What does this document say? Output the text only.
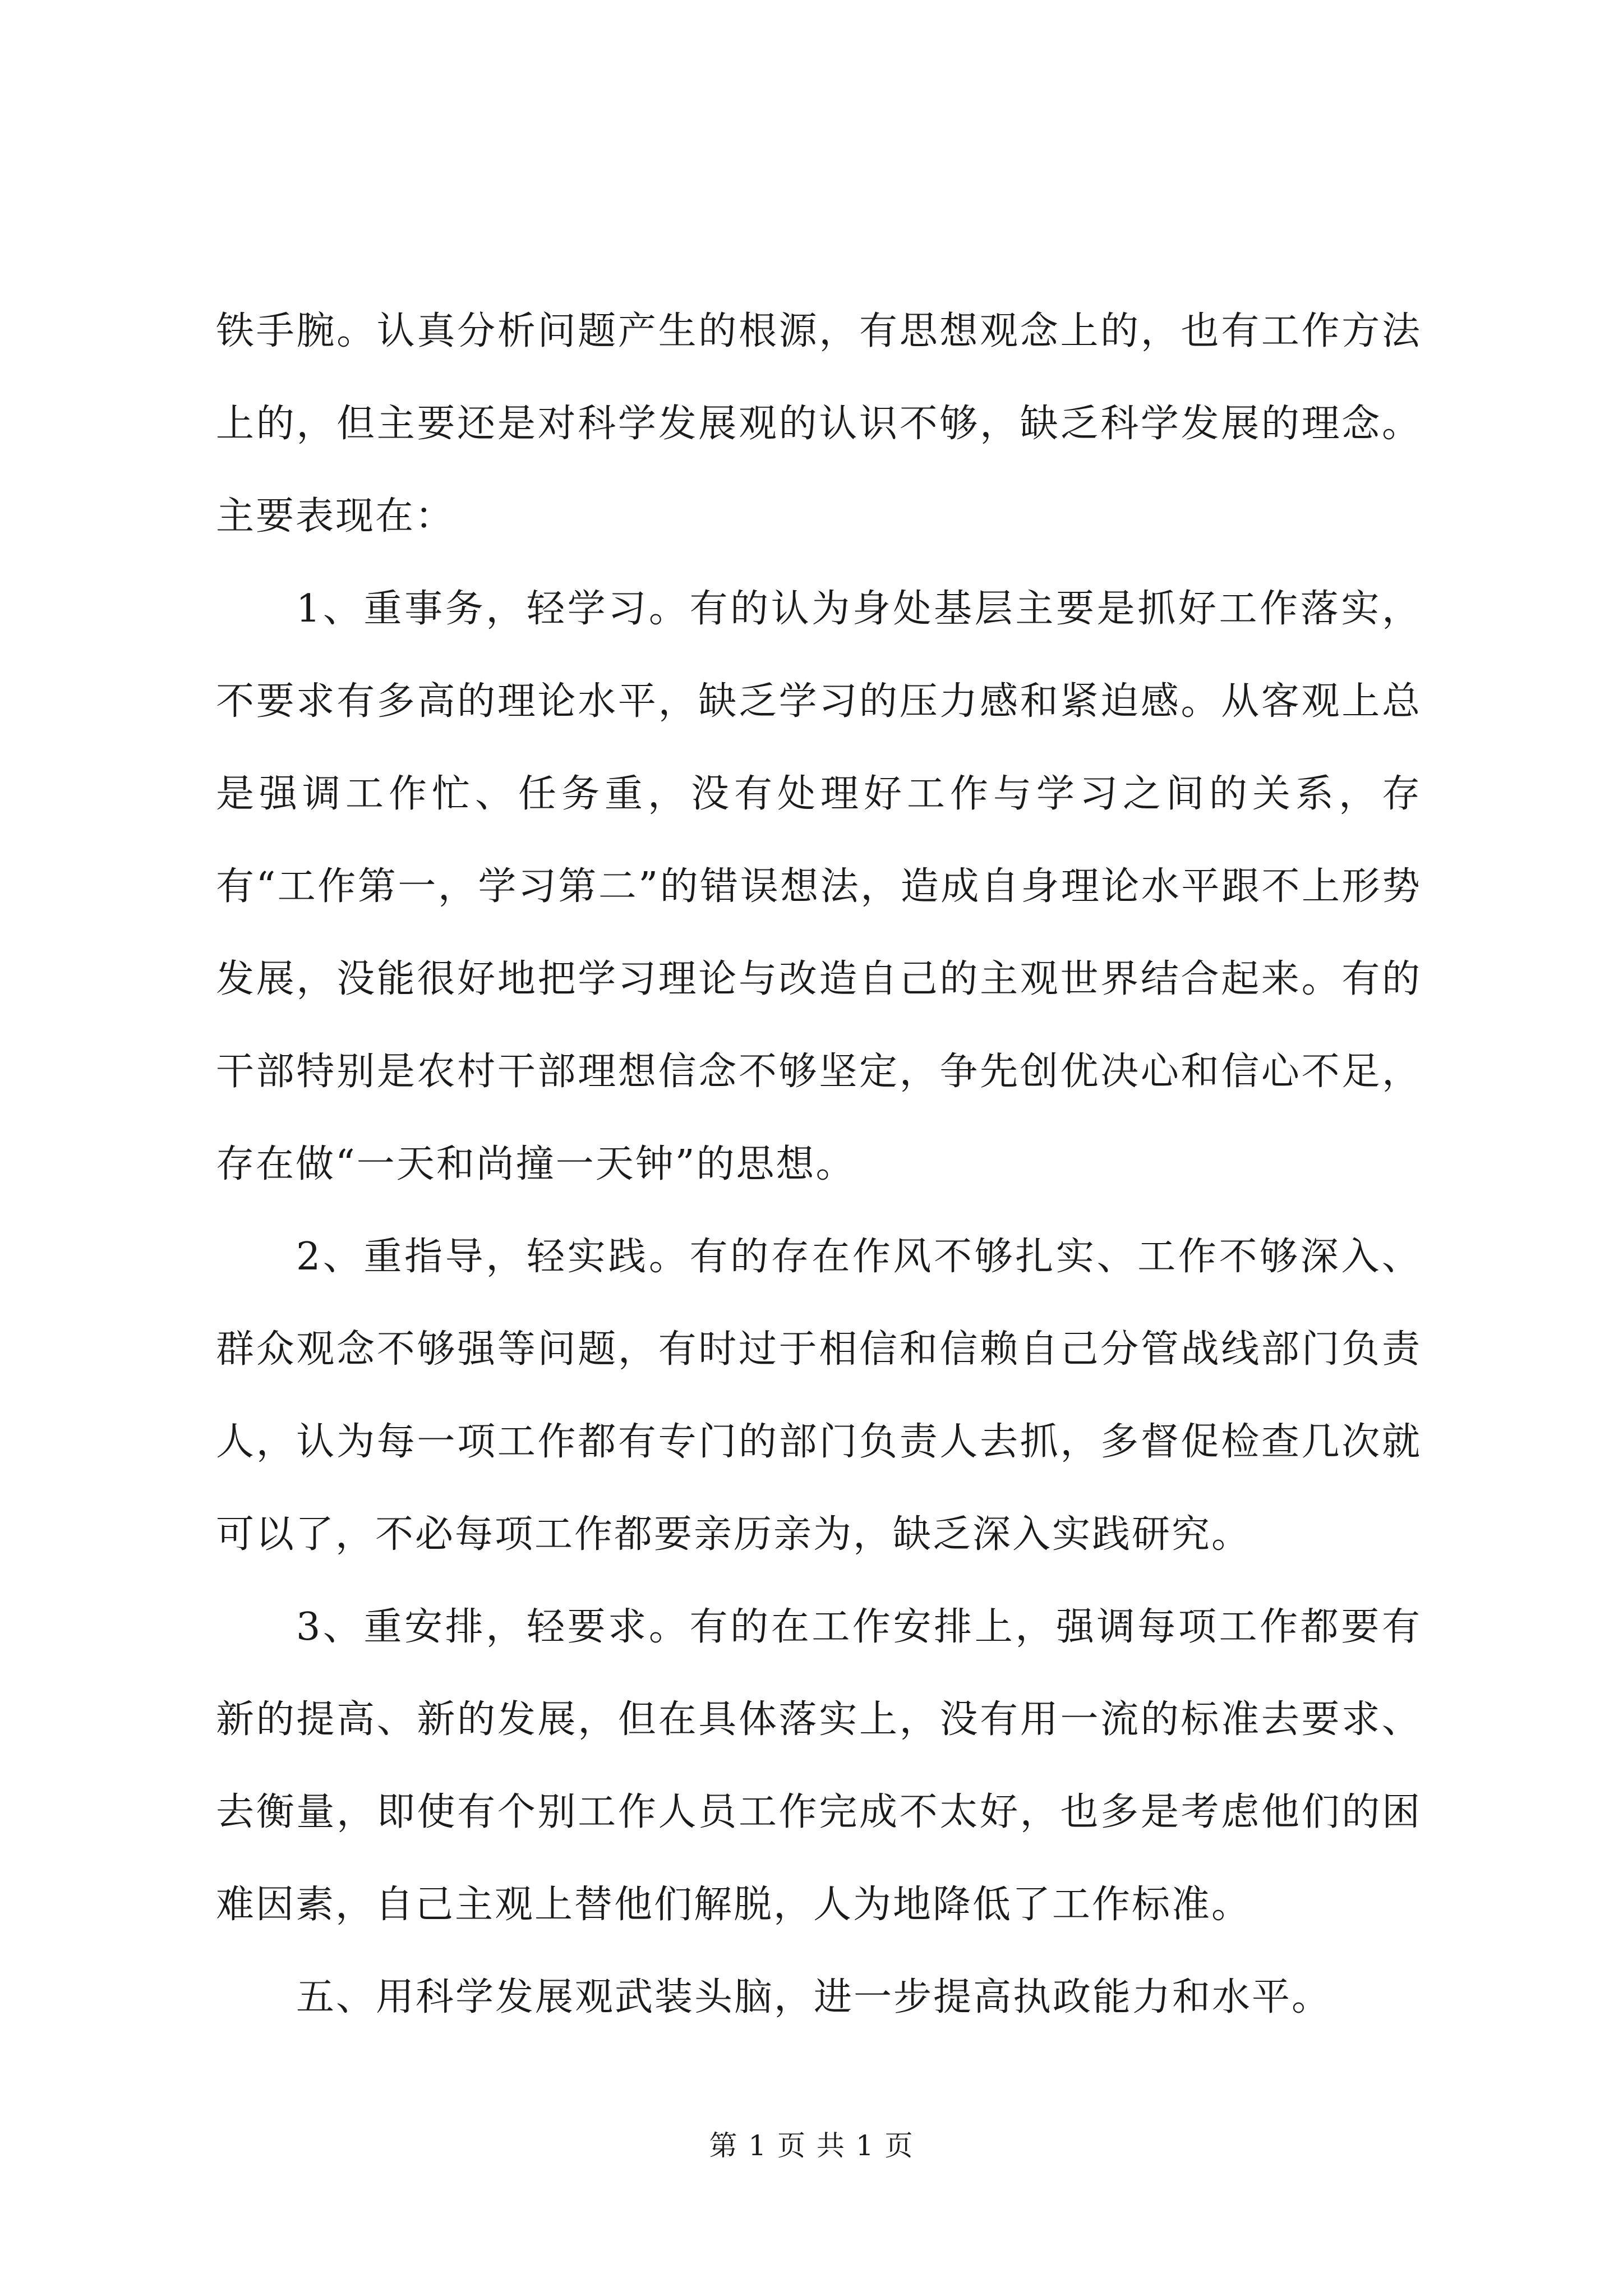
铁手腕。认真分析问题产生的根源，有思想观念上的，也有工作方法上的，但主要还是对科学发展观的认识不够，缺乏科学发展的理念。主要表现在：

1、重事务，轻学习。有的认为身处基层主要是抓好工作落实，不要求有多高的理论水平，缺乏学习的压力感和紧迫感。从客观上总是强调工作忙、任务重，没有处理好工作与学习之间的关系，存有“工作第一，学习第二”的错误想法，造成自身理论水平跟不上形势发展，没能很好地把学习理论与改造自己的主观世界结合起来。有的干部特别是农村干部理想信念不够坚定，争先创优决心和信心不足，存在做“一天和尚撞一天钟”的思想。

2、重指导，轻实践。有的存在作风不够扎实、工作不够深入、群众观念不够强等问题，有时过于相信和信赖自己分管战线部门负责人，认为每一项工作都有专门的部门负责人去抓，多督促检查几次就可以了，不必每项工作都要亲历亲为，缺乏深入实践研究。

3、重安排，轻要求。有的在工作安排上，强调每项工作都要有新的提高、新的发展，但在具体落实上，没有用一流的标准去要求、去衡量，即使有个别工作人员工作完成不太好，也多是考虑他们的困难因素，自己主观上替他们解脱，人为地降低了工作标准。

五、用科学发展观武装头脑，进一步提高执政能力和水平。

第 1 页 共 1 页
